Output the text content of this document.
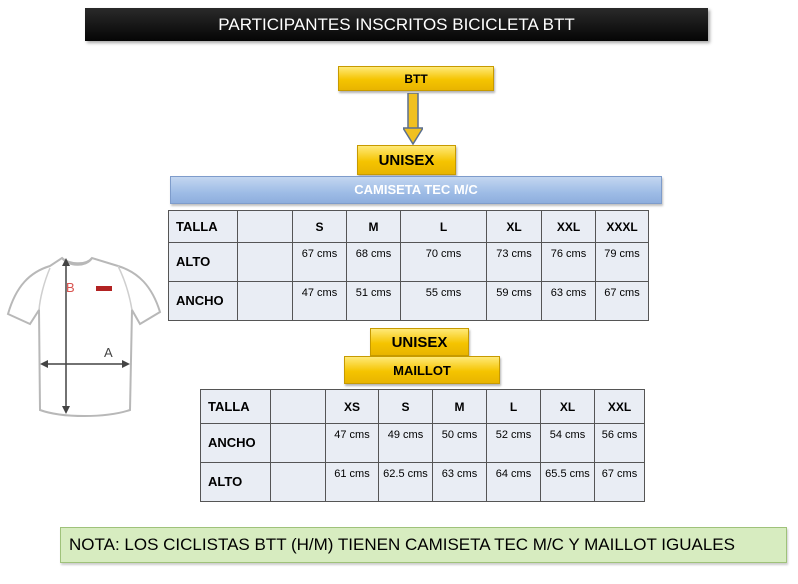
PARTICIPANTES INSCRITOS BICICLETA BTT
BTT
UNISEX
CAMISETA TEC M/C
TALLA		S	M	L	XL	XXL	XXXL
ALTO		67 cms	68 cms	70 cms	73 cms	76 cms	79 cms
ANCHO		47 cms	51 cms	55 cms	59 cms	63 cms	67 cms
B
A
UNISEX
MAILLOT
TALLA		XS	S	M	L	XL	XXL
ANCHO		47 cms	49 cms	50 cms	52 cms	54 cms	56 cms
ALTO		61 cms	62.5 cms	63 cms	64 cms	65.5 cms	67 cms
NOTA: LOS CICLISTAS BTT (H/M) TIENEN CAMISETA TEC M/C Y MAILLOT IGUALES
